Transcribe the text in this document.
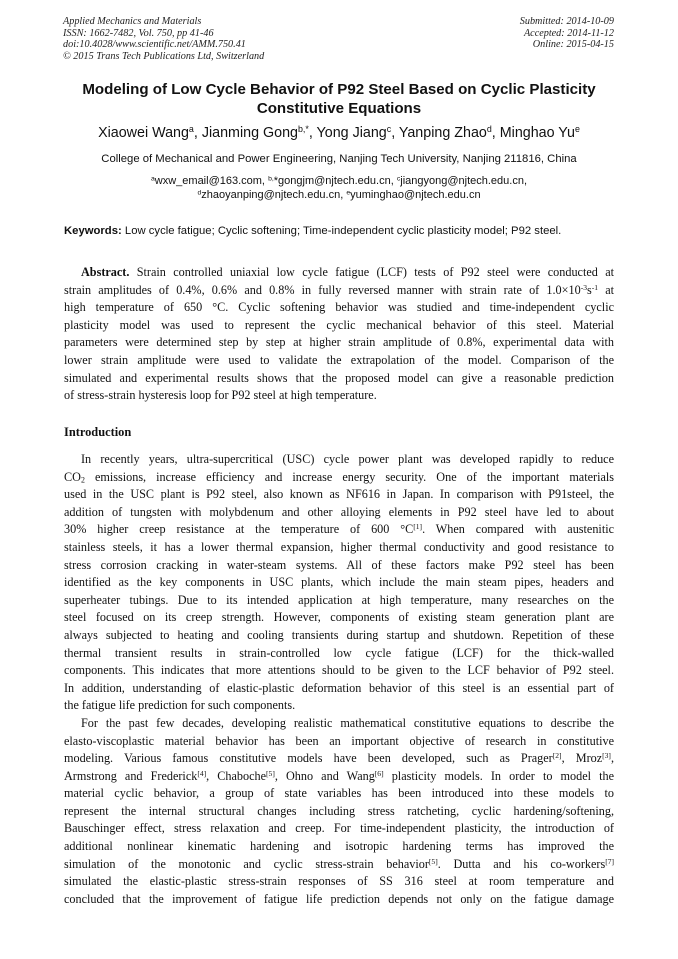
Applied Mechanics and Materials
ISSN: 1662-7482, Vol. 750, pp 41-46
doi:10.4028/www.scientific.net/AMM.750.41
© 2015 Trans Tech Publications Ltd, Switzerland
Submitted: 2014-10-09
Accepted: 2014-11-12
Online: 2015-04-15
Modeling of Low Cycle Behavior of P92 Steel Based on Cyclic Plasticity Constitutive Equations
Xiaowei Wang$^a$, Jianming Gong$^{b,*}$, Yong Jiang$^c$, Yanping Zhao$^d$, Minghao Yu$^e$
College of Mechanical and Power Engineering, Nanjing Tech University, Nanjing 211816, China
$^a$wxw_email@163.com, $^{b,}$*gongjm@njtech.edu.cn, $^c$jiangyong@njtech.edu.cn,
$^d$zhaoyanping@njtech.edu.cn, $^e$yuminghao@njtech.edu.cn
Keywords: Low cycle fatigue; Cyclic softening; Time-independent cyclic plasticity model; P92 steel.
Abstract. Strain controlled uniaxial low cycle fatigue (LCF) tests of P92 steel were conducted at
strain amplitudes of 0.4%, 0.6% and 0.8% in fully reversed manner with strain rate of $1.0\times 10^{-3}s^{-1}$ at
high temperature of 650 °C. Cyclic softening behavior was studied and time-independent cyclic
plasticity model was used to represent the cyclic mechanical behavior of this steel. Material
parameters were determined step by step at higher strain amplitude of 0.8%, experimental data with
lower strain amplitude were used to validate the extrapolation of the model. Comparison of the
simulated and experimental results shows that the proposed model can give a reasonable prediction
of stress-strain hysteresis loop for P92 steel at high temperature.
Introduction
In recently years, ultra-supercritical (USC) cycle power plant was developed rapidly to reduce
$CO_2$ emissions, increase efficiency and increase energy security. One of the important materials
used in the USC plant is P92 steel, also known as NF616 in Japan. In comparison with P91steel, the
addition of tungsten with molybdenum and other alloying elements in P92 steel have led to about
30% higher creep resistance at the temperature of 600 °C[1]. When compared with austenitic
stainless steels, it has a lower thermal expansion, higher thermal conductivity and good resistance to
stress corrosion cracking in water-steam systems. All of these factors make P92 steel has been
identified as the key components in USC plants, which include the main steam pipes, headers and
superheater tubings. Due to its intended application at high temperature, many researches on the
steel focused on its creep strength. However, components of existing steam generation plant are
always subjected to heating and cooling transients during startup and shutdown. Repetition of these
thermal transient results in strain-controlled low cycle fatigue (LCF) for the thick-walled
components. This indicates that more attentions should to be given to the LCF behavior of P92 steel.
In addition, understanding of elastic-plastic deformation behavior of this steel is an essential part of
the fatigue life prediction for such components.
For the past few decades, developing realistic mathematical constitutive equations to describe the
elasto-viscoplastic material behavior has been an important objective of research in constitutive
modeling. Various famous constitutive models have been developed, such as Prager[2], Mroz[3],
Armstrong and Frederick[4], Chaboche[5], Ohno and Wang[6] plasticity models. In order to model the
material cyclic behavior, a group of state variables has been introduced into these models to
represent the internal structural changes including stress ratcheting, cyclic hardening/softening,
Bauschinger effect, stress relaxation and creep. For time-independent plasticity, the introduction of
additional nonlinear kinematic hardening and isotropic hardening terms has improved the
simulation of the monotonic and cyclic stress-strain behavior[5]. Dutta and his co-workers[7]
simulated the elastic-plastic stress-strain responses of SS 316 steel at room temperature and
concluded that the improvement of fatigue life prediction depends not only on the fatigue damage
